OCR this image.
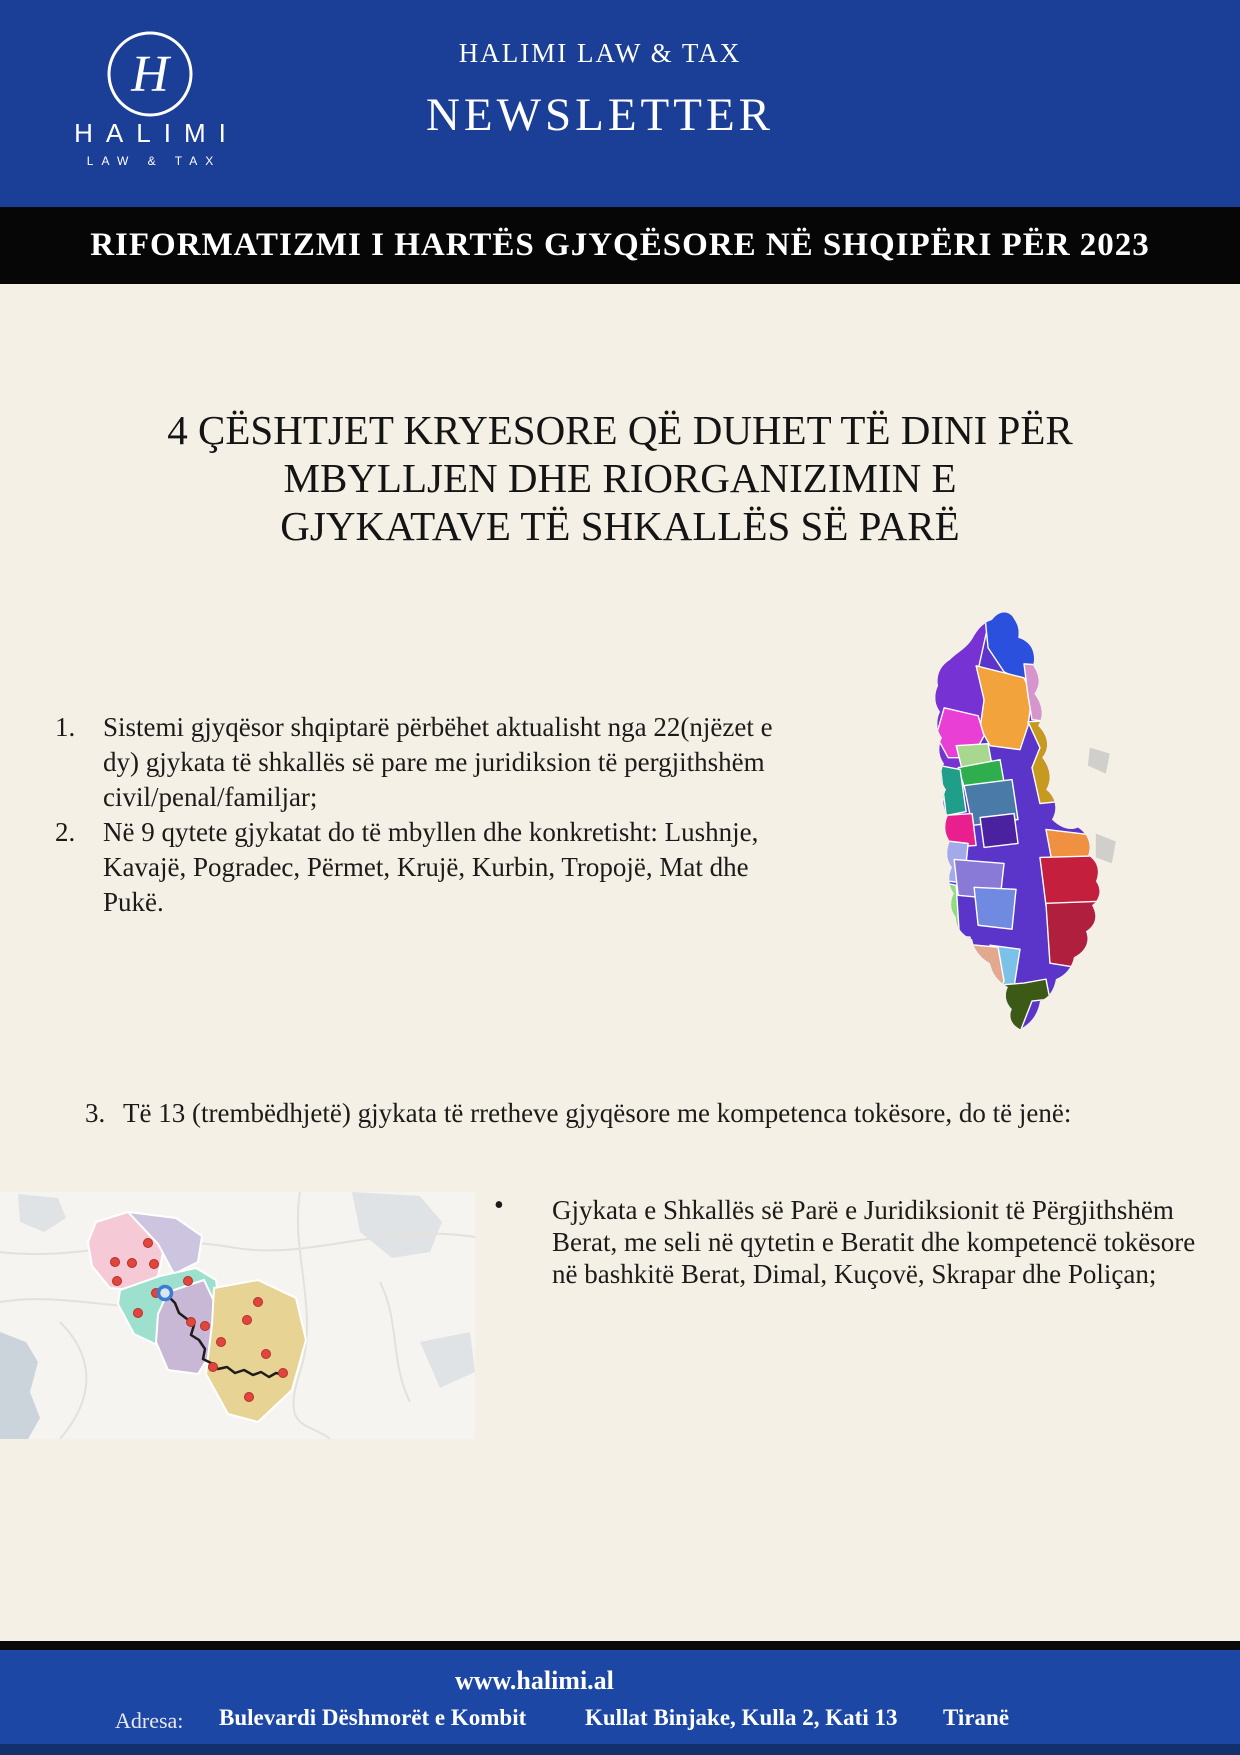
H
HALIMI
LAW & TAX
HALIMI LAW & TAX
NEWSLETTER
RIFORMATIZMI I HARTËS GJYQËSORE NË SHQIPËRI PËR 2023
4 ÇËSHTJET KRYESORE QË DUHET TË DINI PËR
MBYLLJEN DHE RIORGANIZIMIN E
GJYKATAVE TË SHKALLËS SË PARË
1.	Sistemi gjyqësor shqiptarë përbëhet aktualisht nga 22(njëzet e dy) gjykata të shkallës së pare me juridiksion të pergjithshëm civil/penal/familjar;
2.	Në 9 qytete gjykatat do të mbyllen dhe konkretisht: Lushnje, Kavajë, Pogradec, Përmet, Krujë, Kurbin, Tropojë, Mat dhe Pukë.
3. Të 13 (trembëdhjetë) gjykata të rretheve gjyqësore me kompetenca tokësore, do të jenë:
• Gjykata e Shkallës së Parë e Juridiksionit të Përgjithshëm Berat, me seli në qytetin e Beratit dhe kompetencë tokësore në bashkitë Berat, Dimal, Kuçovë, Skrapar dhe Poliçan;
www.halimi.al
Adresa: Bulevardi Dëshmorët e Kombit	Kullat Binjake, Kulla 2, Kati 13 Tiranë
